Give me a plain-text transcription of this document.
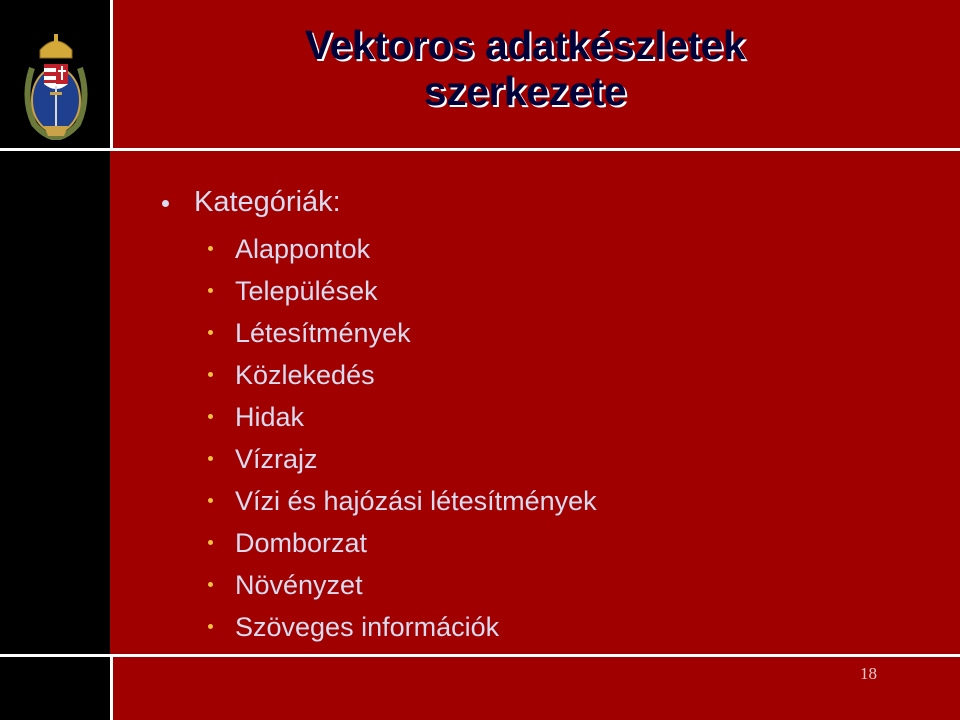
Vektoros adatkészletek
szerkezete
Kategóriák:
Alappontok
Települések
Létesítmények
Közlekedés
Hidak
Vízrajz
Vízi és hajózási létesítmények
Domborzat
Növényzet
Szöveges információk
18
